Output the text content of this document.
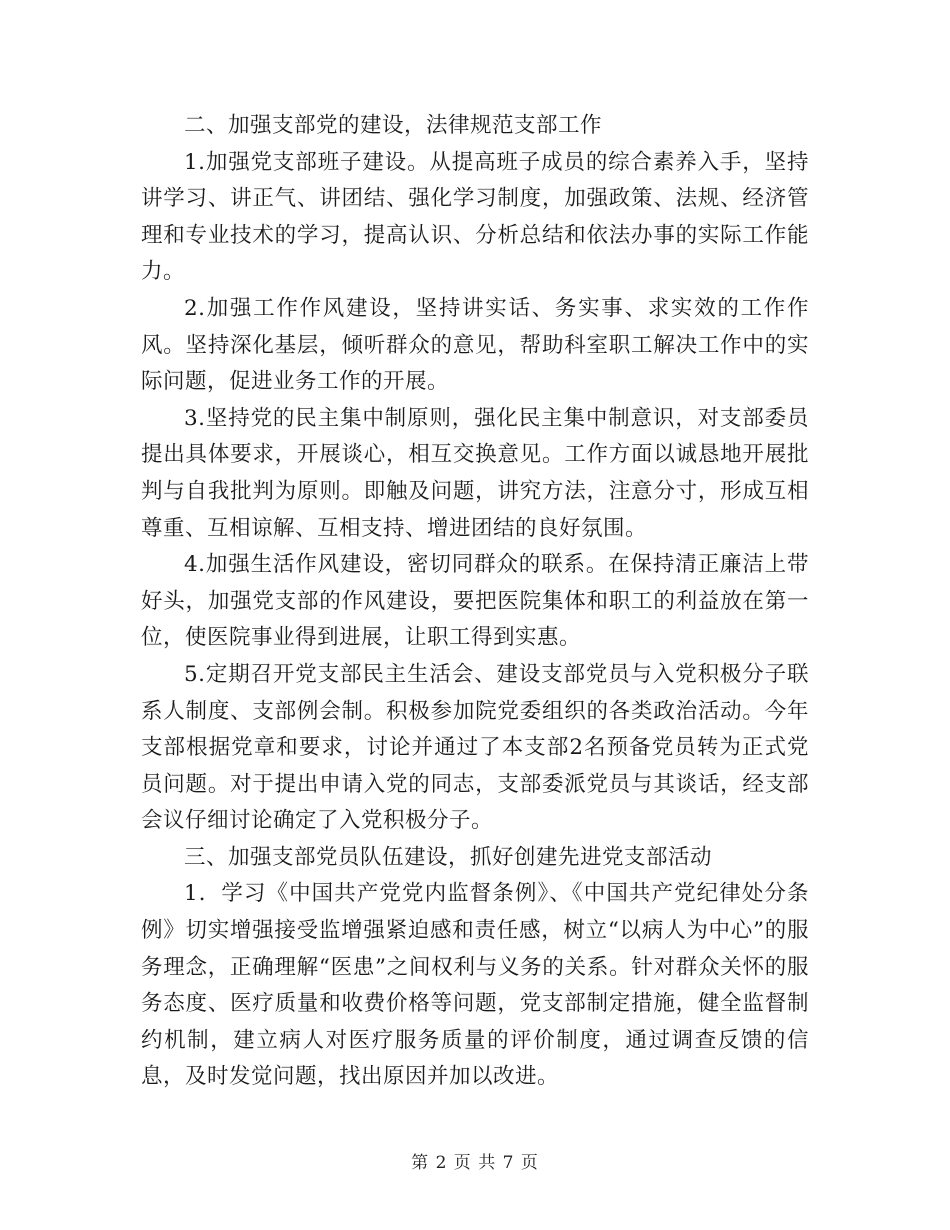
二、加强支部党的建设，法律规范支部工作

1.加强党支部班子建设。从提高班子成员的综合素养入手，坚持讲学习、讲正气、讲团结、强化学习制度，加强政策、法规、经济管理和专业技术的学习，提高认识、分析总结和依法办事的实际工作能力。

2.加强工作作风建设，坚持讲实话、务实事、求实效的工作作风。坚持深化基层，倾听群众的意见，帮助科室职工解决工作中的实际问题，促进业务工作的开展。

3.坚持党的民主集中制原则，强化民主集中制意识，对支部委员提出具体要求，开展谈心，相互交换意见。工作方面以诚恳地开展批判与自我批判为原则。即触及问题，讲究方法，注意分寸，形成互相尊重、互相谅解、互相支持、增进团结的良好氛围。

4.加强生活作风建设，密切同群众的联系。在保持清正廉洁上带好头，加强党支部的作风建设，要把医院集体和职工的利益放在第一位，使医院事业得到进展，让职工得到实惠。

5.定期召开党支部民主生活会、建设支部党员与入党积极分子联系人制度、支部例会制。积极参加院党委组织的各类政治活动。今年支部根据党章和要求，讨论并通过了本支部2名预备党员转为正式党员问题。对于提出申请入党的同志，支部委派党员与其谈话，经支部会议仔细讨论确定了入党积极分子。

三、加强支部党员队伍建设，抓好创建先进党支部活动

1．学习《中国共产党党内监督条例》、《中国共产党纪律处分条例》切实增强接受监增强紧迫感和责任感，树立“以病人为中心”的服务理念，正确理解“医患”之间权利与义务的关系。针对群众关怀的服务态度、医疗质量和收费价格等问题，党支部制定措施，健全监督制约机制，建立病人对医疗服务质量的评价制度，通过调查反馈的信息，及时发觉问题，找出原因并加以改进。

第 2 页 共 7 页
